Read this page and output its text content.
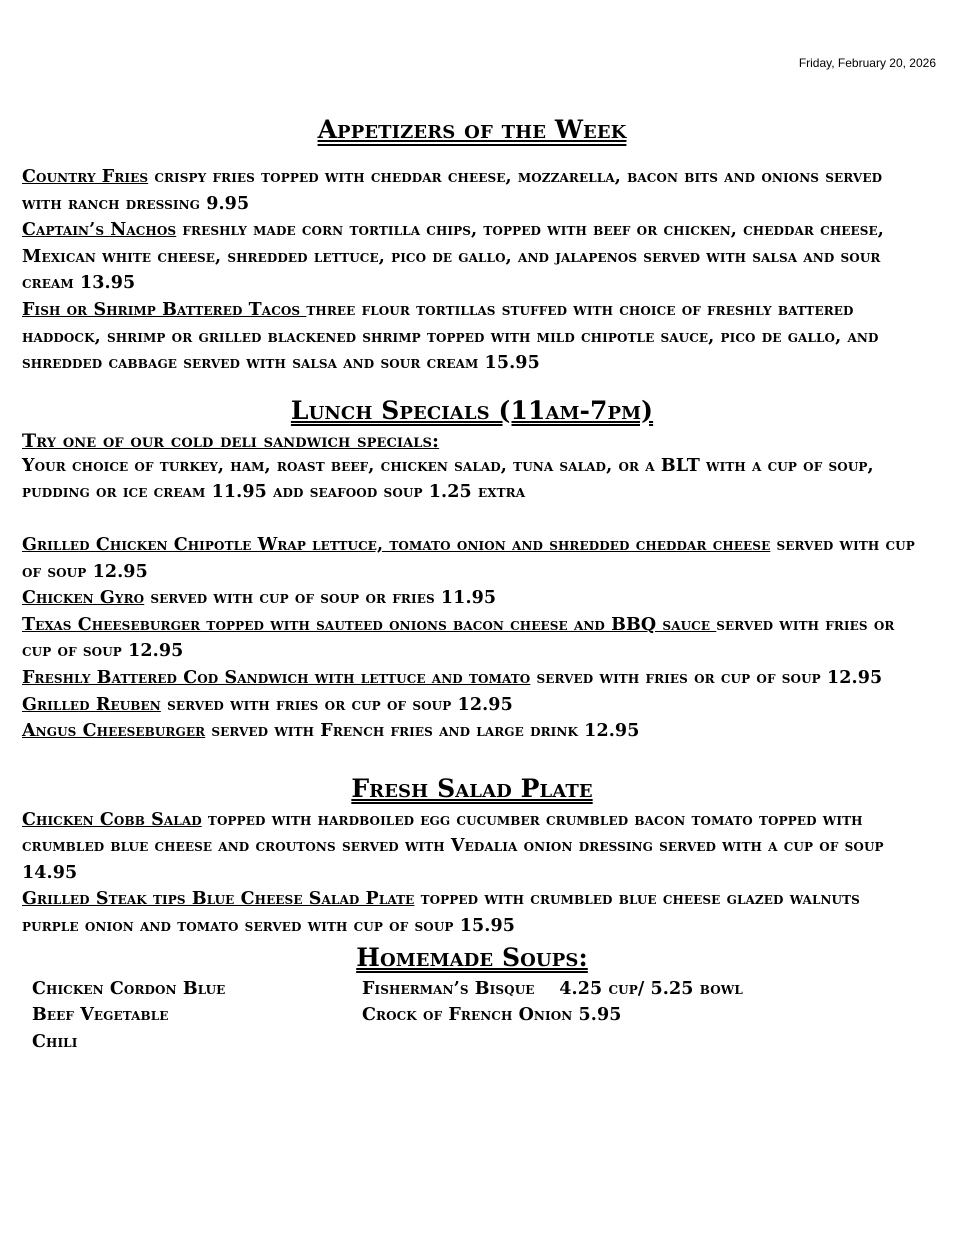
Friday, February 20, 2026
Appetizers of the Week

Country Fries crispy fries topped with cheddar cheese, mozzarella, bacon bits and onions served with ranch dressing 9.95

Captain’s Nachos freshly made corn tortilla chips, topped with beef or chicken, cheddar cheese, Mexican white cheese, shredded lettuce, pico de gallo, and jalapenos served with salsa and sour cream 13.95

Fish or Shrimp Battered Tacos three flour tortillas stuffed with choice of freshly battered haddock, shrimp or grilled blackened shrimp topped with mild chipotle sauce, pico de gallo, and shredded cabbage served with salsa and sour cream 15.95

Lunch Specials (11am-7pm)

Try one of our cold deli sandwich specials:

Your choice of turkey, ham, roast beef, chicken salad, tuna salad, or a BLT with a cup of soup, pudding or ice cream 11.95 add seafood soup 1.25 extra

Grilled Chicken Chipotle Wrap lettuce, tomato onion and shredded cheddar cheese served with cup of soup 12.95

Chicken Gyro served with cup of soup or fries 11.95

Texas Cheeseburger topped with sauteed onions bacon cheese and BBQ sauce served with fries or cup of soup 12.95

Freshly Battered Cod Sandwich with lettuce and tomato served with fries or cup of soup 12.95

Grilled Reuben served with fries or cup of soup 12.95

Angus Cheeseburger served with French fries and large drink 12.95

Fresh Salad Plate

Chicken Cobb Salad topped with hardboiled egg cucumber crumbled bacon tomato topped with crumbled blue cheese and croutons served with Vedalia onion dressing served with a cup of soup 14.95

Grilled Steak tips Blue Cheese Salad Plate topped with crumbled blue cheese glazed walnuts purple onion and tomato served with cup of soup 15.95

Homemade Soups:
Chicken Cordon Blue	Fisherman’s Bisque    4.25 cup/ 5.25 bowl
Beef Vegetable	Crock of French Onion 5.95
Chili
